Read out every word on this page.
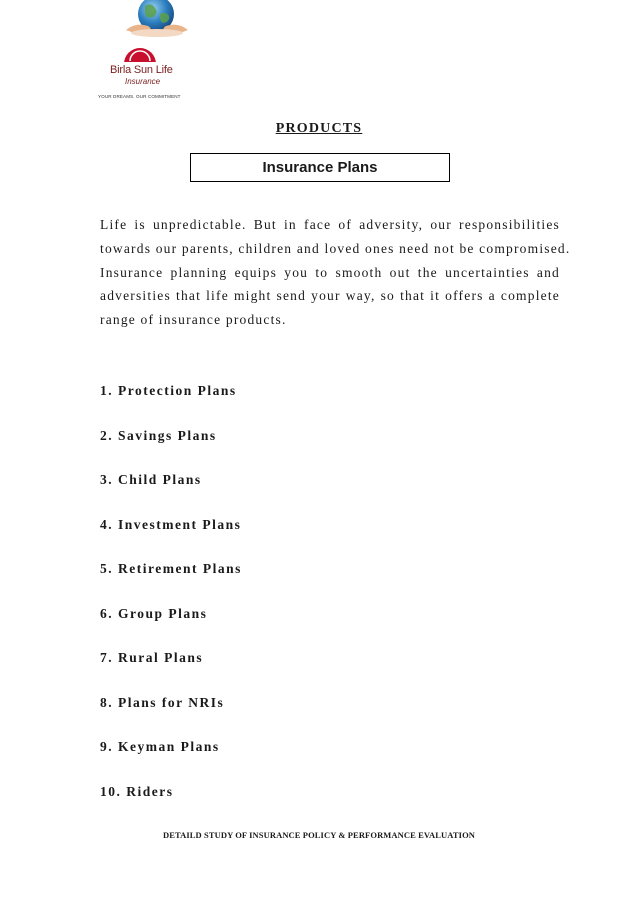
Birla Sun Life
Insurance
YOUR DREAMS. OUR COMMITMENT
PRODUCTS
Insurance Plans
Life is unpredictable. But in face of adversity, our responsibilities
towards our parents, children and loved ones need not be compromised.
Insurance planning equips you to smooth out the uncertainties and
adversities that life might send your way, so that it offers a complete
range of insurance products.
1. Protection Plans
2. Savings Plans
3. Child Plans
4. Investment Plans
5. Retirement Plans
6. Group Plans
7. Rural Plans
8. Plans for NRIs
9. Keyman Plans
10. Riders
DETAILD STUDY OF INSURANCE POLICY & PERFORMANCE EVALUATION
